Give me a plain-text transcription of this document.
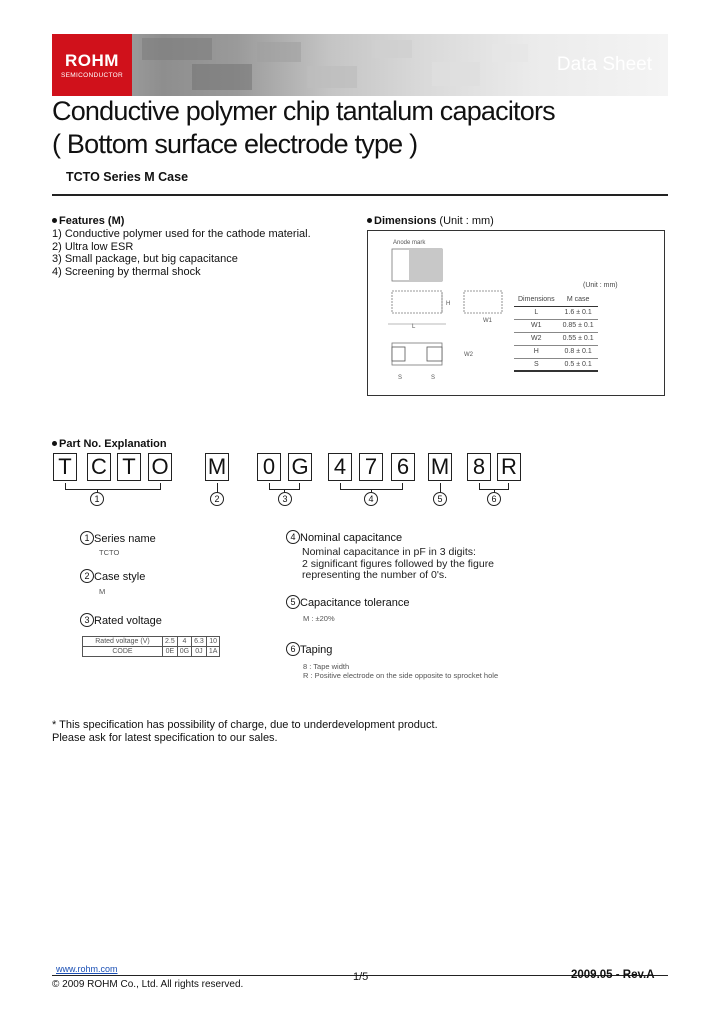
ROHM
SEMICONDUCTOR
Data Sheet
Conductive polymer chip tantalum capacitors
( Bottom surface electrode type )
TCTO Series M Case
Features (M)
1) Conductive polymer used for the cathode material.
2) Ultra low ESR
3) Small package, but big capacitance
4) Screening by thermal shock
Dimensions (Unit : mm)
Anode mark
L
H
W1
W2
S	S
(Unit : mm)
Dimensions	M case
L	1.6 ± 0.1
W1	0.85 ± 0.1
W2	0.55 ± 0.1
H	0.8 ± 0.1
S	0.5 ± 0.1
Part No. Explanation
T C T O M 0 G 4 7 6 M 8 R
1	2	3	4	5	6
1 Series name
TCTO
2 Case style
M
3 Rated voltage
Rated voltage (V)	2.5	4	6.3	10
CODE	0E	0G	0J	1A
4 Nominal capacitance
Nominal capacitance in pF in 3 digits:
2 significant figures followed by the figure
representing the number of 0's.
5 Capacitance tolerance
M : ±20%
6 Taping
8 : Tape width
R : Positive electrode on the side opposite to sprocket hole
* This specification has possibility of charge, due to underdevelopment product.
Please ask for latest specification to our sales.
www.rohm.com
© 2009 ROHM Co., Ltd. All rights reserved.
1/5	2009.05 - Rev.A
